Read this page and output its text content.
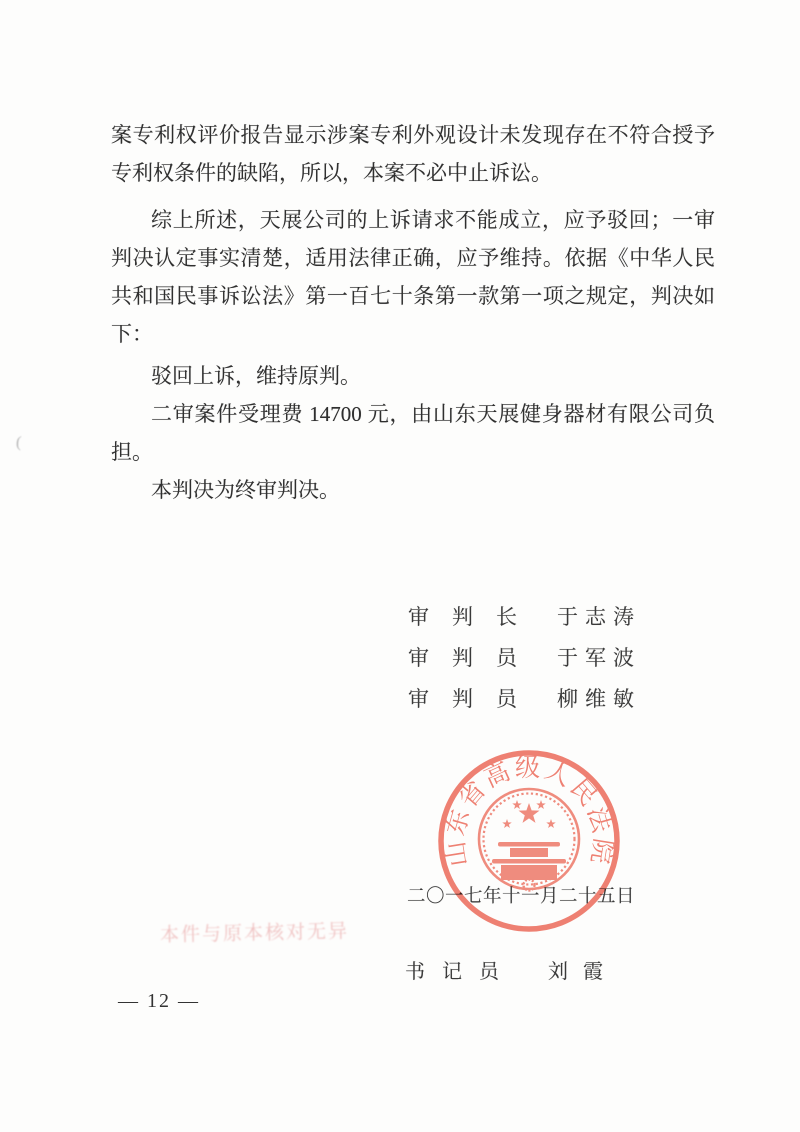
案专利权评价报告显示涉案专利外观设计未发现存在不符合授予
专利权条件的缺陷，所以，本案不必中止诉讼。
综上所述，天展公司的上诉请求不能成立，应予驳回；一审
判决认定事实清楚，适用法律正确，应予维持。依据《中华人民
共和国民事诉讼法》第一百七十条第一款第一项之规定，判决如
下：
驳回上诉，维持原判。
二审案件受理费 14700 元，由山东天展健身器材有限公司负
担。
本判决为终审判决。
审判长 于志涛
审判员 于军波
审判员 柳维敏
本件与原本核对无异
二〇一七年十一月二十五日
山东省高级人民法院
书记员 刘霞
— 12 —
(
